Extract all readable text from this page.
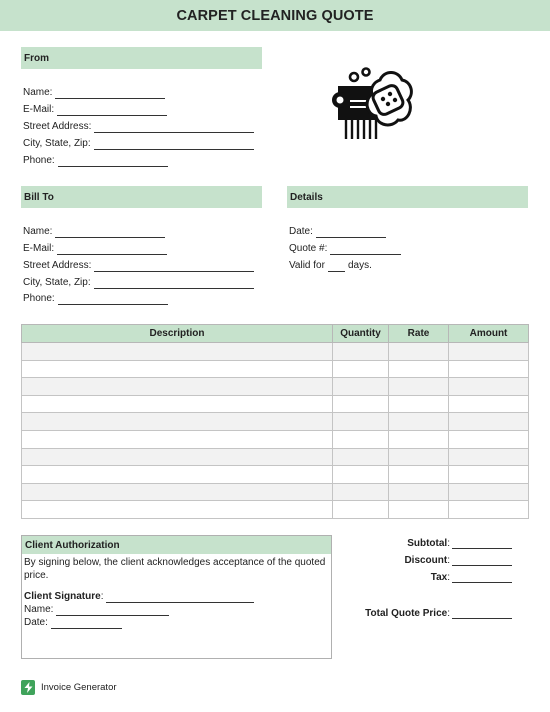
CARPET CLEANING QUOTE
From
Name:
E-Mail:
Street Address:
City, State, Zip:
Phone:
Bill To
Name:
E-Mail:
Street Address:
City, State, Zip:
Phone:
Details
Date:
Quote #:
Valid for days.
Description	Quantity	Rate	Amount

Client Authorization
By signing below, the client acknowledges acceptance of the quoted price.
Client Signature :
Name:
Date:
Subtotal :
Discount :
Tax :
Total Quote Price :
Invoice Generator
